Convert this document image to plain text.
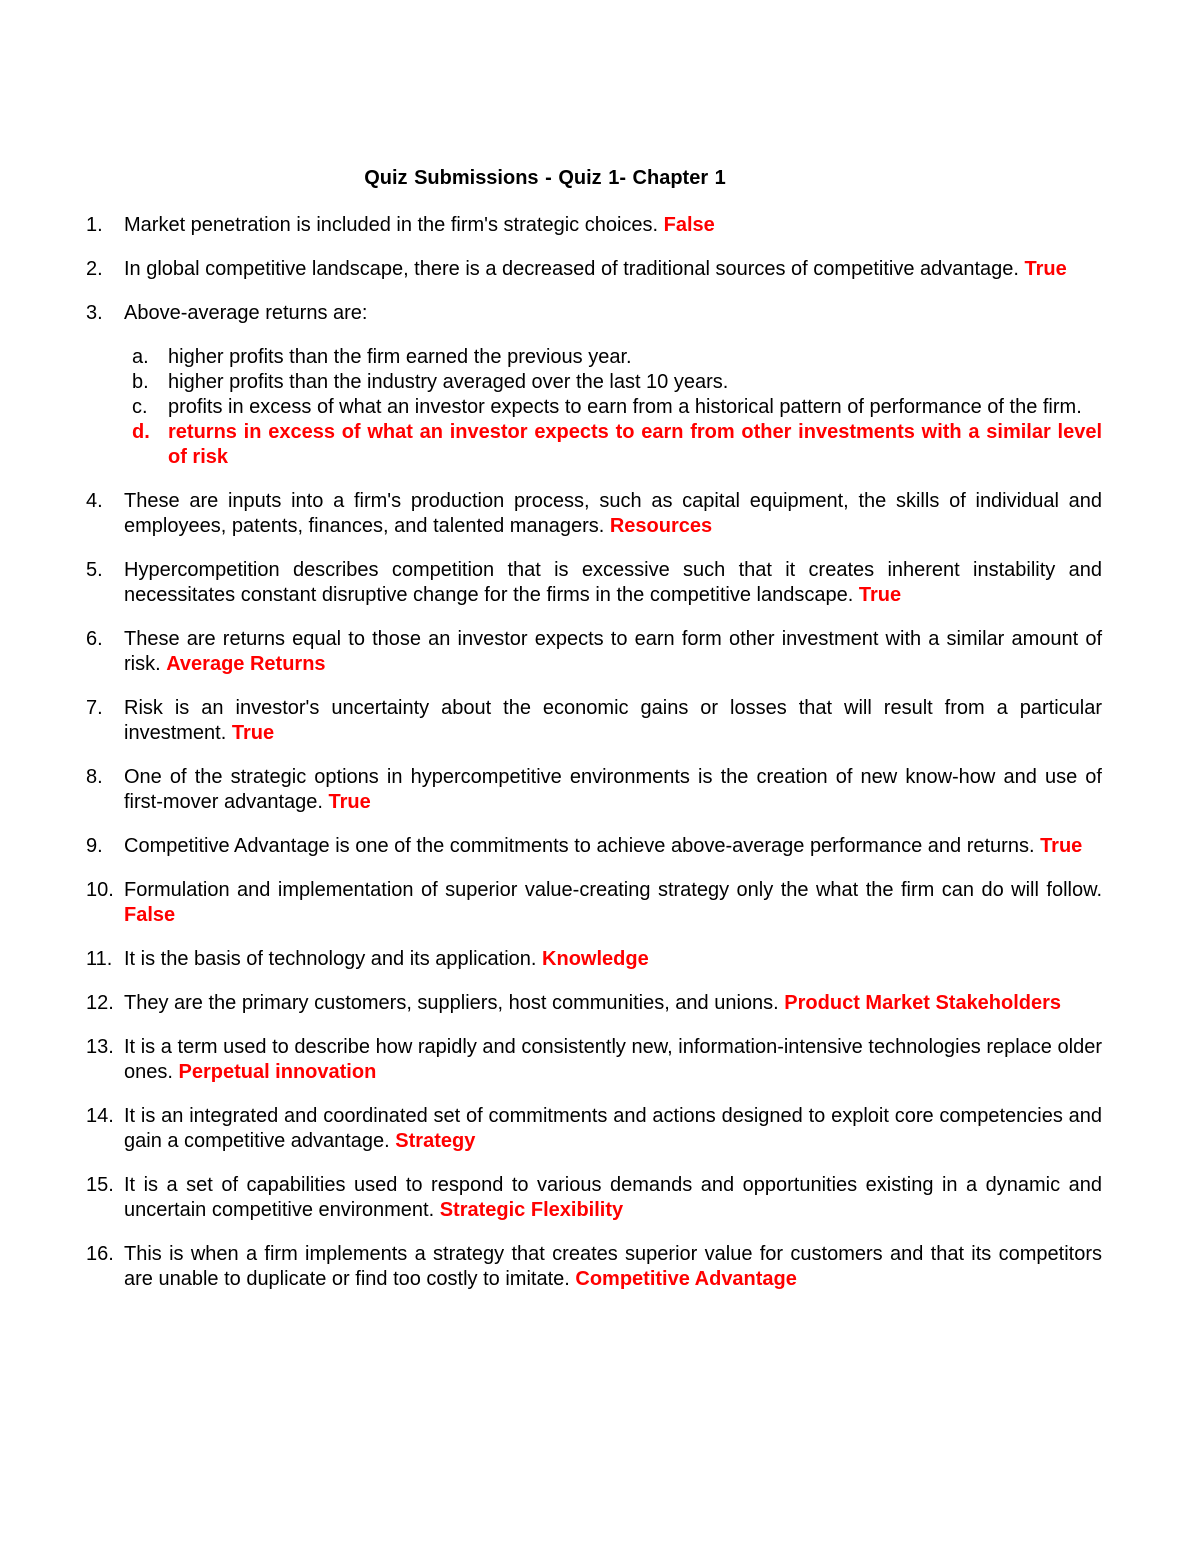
Quiz Submissions - Quiz 1- Chapter 1
1. Market penetration is included in the firm's strategic choices. False
2. In global competitive landscape, there is a decreased of traditional sources of competitive advantage. True
3. Above-average returns are:
a. higher profits than the firm earned the previous year.
b. higher profits than the industry averaged over the last 10 years.
c. profits in excess of what an investor expects to earn from a historical pattern of performance of the firm.
d. returns in excess of what an investor expects to earn from other investments with a similar level of risk
4. These are inputs into a firm's production process, such as capital equipment, the skills of individual and employees, patents, finances, and talented managers. Resources
5. Hypercompetition describes competition that is excessive such that it creates inherent instability and necessitates constant disruptive change for the firms in the competitive landscape. True
6. These are returns equal to those an investor expects to earn form other investment with a similar amount of risk. Average Returns
7. Risk is an investor's uncertainty about the economic gains or losses that will result from a particular investment. True
8. One of the strategic options in hypercompetitive environments is the creation of new know-how and use of first-mover advantage. True
9. Competitive Advantage is one of the commitments to achieve above-average performance and returns. True
10. Formulation and implementation of superior value-creating strategy only the what the firm can do will follow. False
11. It is the basis of technology and its application. Knowledge
12. They are the primary customers, suppliers, host communities, and unions. Product Market Stakeholders
13. It is a term used to describe how rapidly and consistently new, information-intensive technologies replace older ones. Perpetual innovation
14. It is an integrated and coordinated set of commitments and actions designed to exploit core competencies and gain a competitive advantage. Strategy
15. It is a set of capabilities used to respond to various demands and opportunities existing in a dynamic and uncertain competitive environment. Strategic Flexibility
16. This is when a firm implements a strategy that creates superior value for customers and that its competitors are unable to duplicate or find too costly to imitate. Competitive Advantage
